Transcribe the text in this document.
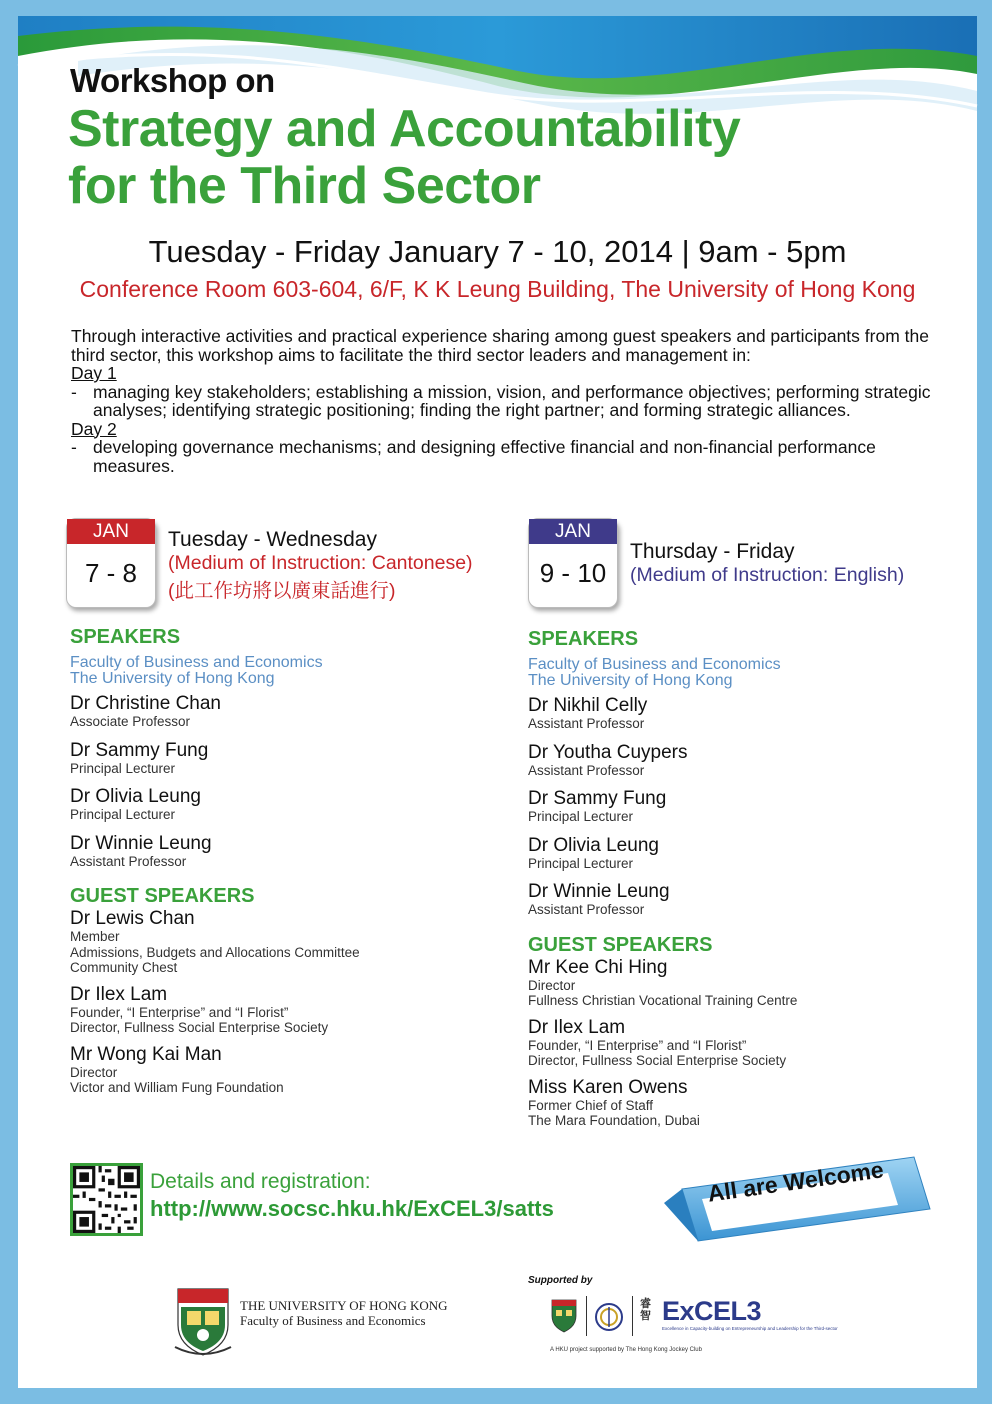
Workshop on
Strategy and Accountability
for the Third Sector
Tuesday - Friday January 7 - 10, 2014 | 9am - 5pm
Conference Room 603-604, 6/F, K K Leung Building, The University of Hong Kong

Through interactive activities and practical experience sharing among guest speakers and participants from the third sector, this workshop aims to facilitate the third sector leaders and management in:

Day 1

- managing key stakeholders; establishing a mission, vision, and performance objectives; performing strategic analyses; identifying strategic positioning; finding the right partner; and forming strategic alliances.

Day 2

- developing governance mechanisms; and designing effective financial and non-financial performance measures.

JAN
7 - 8
Tuesday - Wednesday
(Medium of Instruction: Cantonese)
(此工作坊將以廣東話進行)
SPEAKERS
Faculty of Business and Economics
The University of Hong Kong
Dr Christine Chan
Associate Professor
Dr Sammy Fung
Principal Lecturer
Dr Olivia Leung
Principal Lecturer
Dr Winnie Leung
Assistant Professor
GUEST SPEAKERS
Dr Lewis Chan
Member
Admissions, Budgets and Allocations Committee
Community Chest
Dr Ilex Lam
Founder, “I Enterprise” and “I Florist”
Director, Fullness Social Enterprise Society
Mr Wong Kai Man
Director
Victor and William Fung Foundation
JAN
9 - 10
Thursday - Friday
(Medium of Instruction: English)
SPEAKERS
Faculty of Business and Economics
The University of Hong Kong
Dr Nikhil Celly
Assistant Professor
Dr Youtha Cuypers
Assistant Professor
Dr Sammy Fung
Principal Lecturer
Dr Olivia Leung
Principal Lecturer
Dr Winnie Leung
Assistant Professor
GUEST SPEAKERS
Mr Kee Chi Hing
Director
Fullness Christian Vocational Training Centre
Dr Ilex Lam
Founder, “I Enterprise” and “I Florist”
Director, Fullness Social Enterprise Society
Miss Karen Owens
Former Chief of Staff
The Mara Foundation, Dubai
Details and registration:
http://www.socsc.hku.hk/ExCEL3/satts
All are Welcome
THE UNIVERSITY OF HONG KONG
Faculty of Business and Economics
Supported by
睿
智 ExCEL3
Excellence in Capacity-building on Entrepreneurship and Leadership for the Third-sector
A HKU project supported by The Hong Kong Jockey Club
